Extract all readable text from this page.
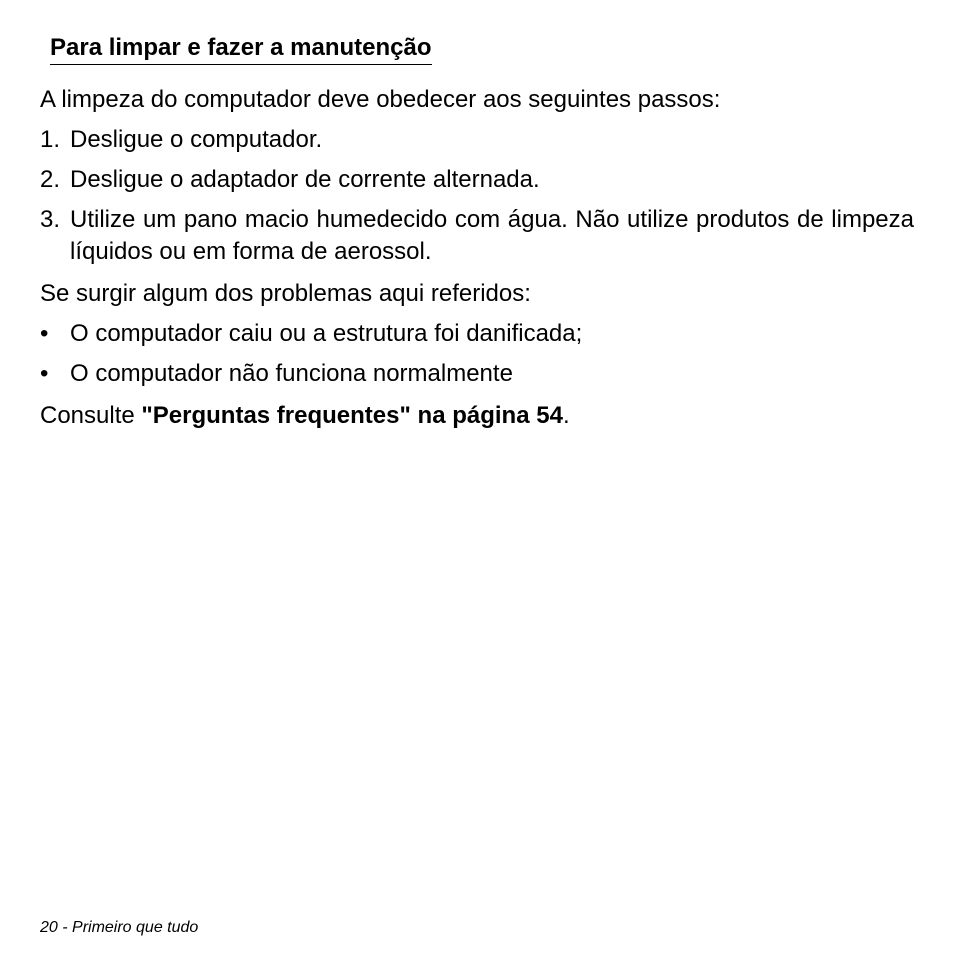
Para limpar e fazer a manutenção

A limpeza do computador deve obedecer aos seguintes passos:

1. Desligue o computador.
2. Desligue o adaptador de corrente alternada.
3. Utilize um pano macio humedecido com água. Não utilize produtos de limpeza líquidos ou em forma de aerossol.

Se surgir algum dos problemas aqui referidos:

• O computador caiu ou a estrutura foi danificada;
• O computador não funciona normalmente

Consulte "Perguntas frequentes" na página 54.

20 - Primeiro que tudo
